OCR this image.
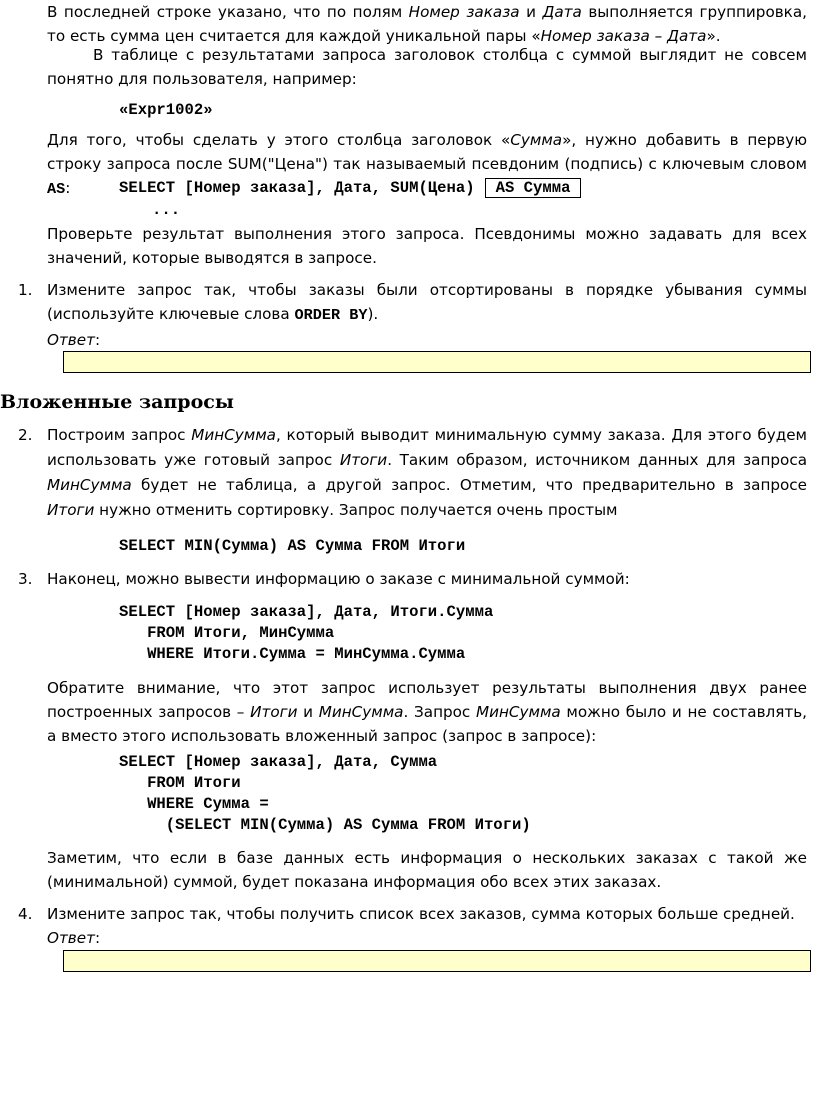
В последней строке указано, что по полям Номер заказа и Дата выполняется группировка, то есть сумма цен считается для каждой уникальной пары «Номер заказа – Дата».

В таблице с результатами запроса заголовок столбца с суммой выглядит не совсем понятно для пользователя, например:

«Expr1002»

Для того, чтобы сделать у этого столбца заголовок «Сумма», нужно добавить в первую строку запроса после SUM("Цена") так называемый псевдоним (подпись) с ключевым словом AS:	SELECT [Номер заказа], Дата, SUM(Цена) AS Сумма
...

Проверьте результат выполнения этого запроса. Псевдонимы можно задавать для всех значений, которые выводятся в запросе.

1. Измените запрос так, чтобы заказы были отсортированы в порядке убывания суммы (используйте ключевые слова ORDER BY).

Ответ:

Вложенные запросы
2. Построим запрос МинСумма, который выводит минимальную сумму заказа. Для этого будем использовать уже готовый запрос Итоги. Таким образом, источником данных для запроса МинСумма будет не таблица, а другой запрос. Отметим, что предварительно в запросе Итоги нужно отменить сортировку. Запрос получается очень простым

SELECT MIN(Сумма) AS Сумма FROM Итоги
3. Наконец, можно вывести информацию о заказе с минимальной суммой:

SELECT [Номер заказа], Дата, Итоги.Сумма
FROM Итоги, МинСумма
WHERE Итоги.Сумма = МинСумма.Сумма

Обратите внимание, что этот запрос использует результаты выполнения двух ранее построенных запросов – Итоги и МинСумма. Запрос МинСумма можно было и не составлять, а вместо этого использовать вложенный запрос (запрос в запросе):

SELECT [Номер заказа], Дата, Сумма
FROM Итоги
WHERE Сумма =
(SELECT MIN(Сумма) AS Сумма FROM Итоги)

Заметим, что если в базе данных есть информация о нескольких заказах с такой же (минимальной) суммой, будет показана информация обо всех этих заказах.

4. Измените запрос так, чтобы получить список всех заказов, сумма которых больше средней.

Ответ:
